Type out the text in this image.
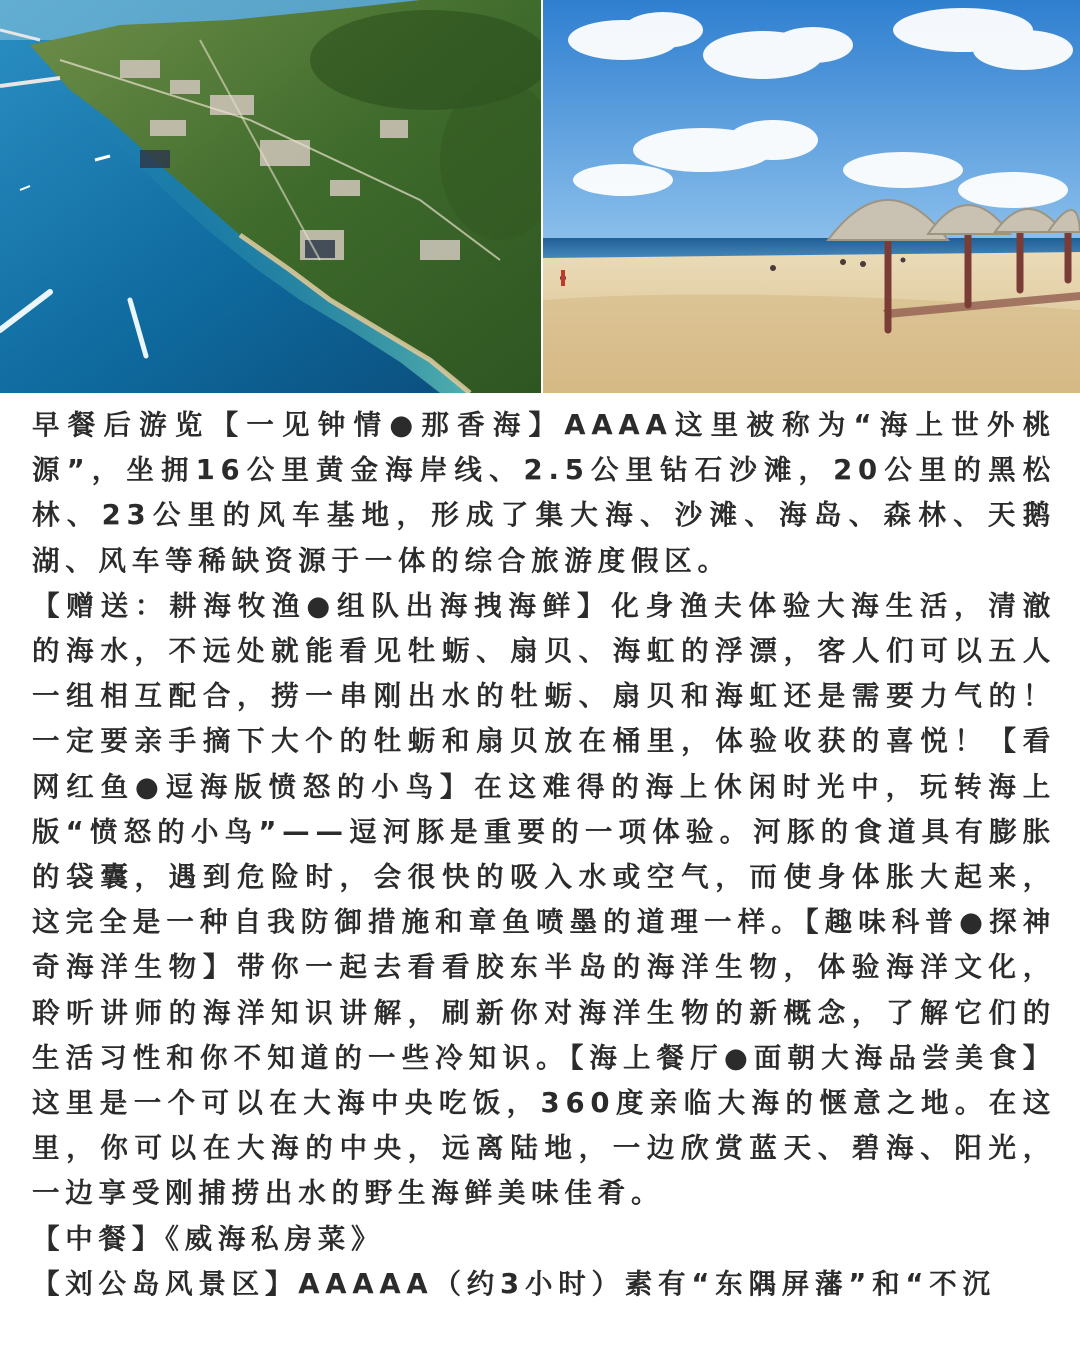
早餐后游览【一见钟情●那香海】AAAA这里被称为“海上世外桃源”，坐拥16公里黄金海岸线、2.5公里钻石沙滩，20公里的黑松林、23公里的风车基地，形成了集大海、沙滩、海岛、森林、天鹅湖、风车等稀缺资源于一体的综合旅游度假区。

【赠送：耕海牧渔●组队出海拽海鲜】化身渔夫体验大海生活，清澈的海水，不远处就能看见牡蛎、扇贝、海虹的浮漂，客人们可以五人一组相互配合，捞一串刚出水的牡蛎、扇贝和海虹还是需要力气的！一定要亲手摘下大个的牡蛎和扇贝放在桶里，体验收获的喜悦！【看网红鱼●逗海版愤怒的小鸟】在这难得的海上休闲时光中，玩转海上版“愤怒的小鸟”——逗河豚是重要的一项体验。河豚的食道具有膨胀的袋囊，遇到危险时，会很快的吸入水或空气，而使身体胀大起来，这完全是一种自我防御措施和章鱼喷墨的道理一样。【趣味科普●探神奇海洋生物】带你一起去看看胶东半岛的海洋生物，体验海洋文化，聆听讲师的海洋知识讲解，刷新你对海洋生物的新概念，了解它们的生活习性和你不知道的一些冷知识。【海上餐厅●面朝大海品尝美食】这里是一个可以在大海中央吃饭，360度亲临大海的惬意之地。在这里，你可以在大海的中央，远离陆地，一边欣赏蓝天、碧海、阳光，一边享受刚捕捞出水的野生海鲜美味佳肴。

【中餐】《威海私房菜》

【刘公岛风景区】AAAAA（约3小时）素有“东隅屏藩”和“不沉
